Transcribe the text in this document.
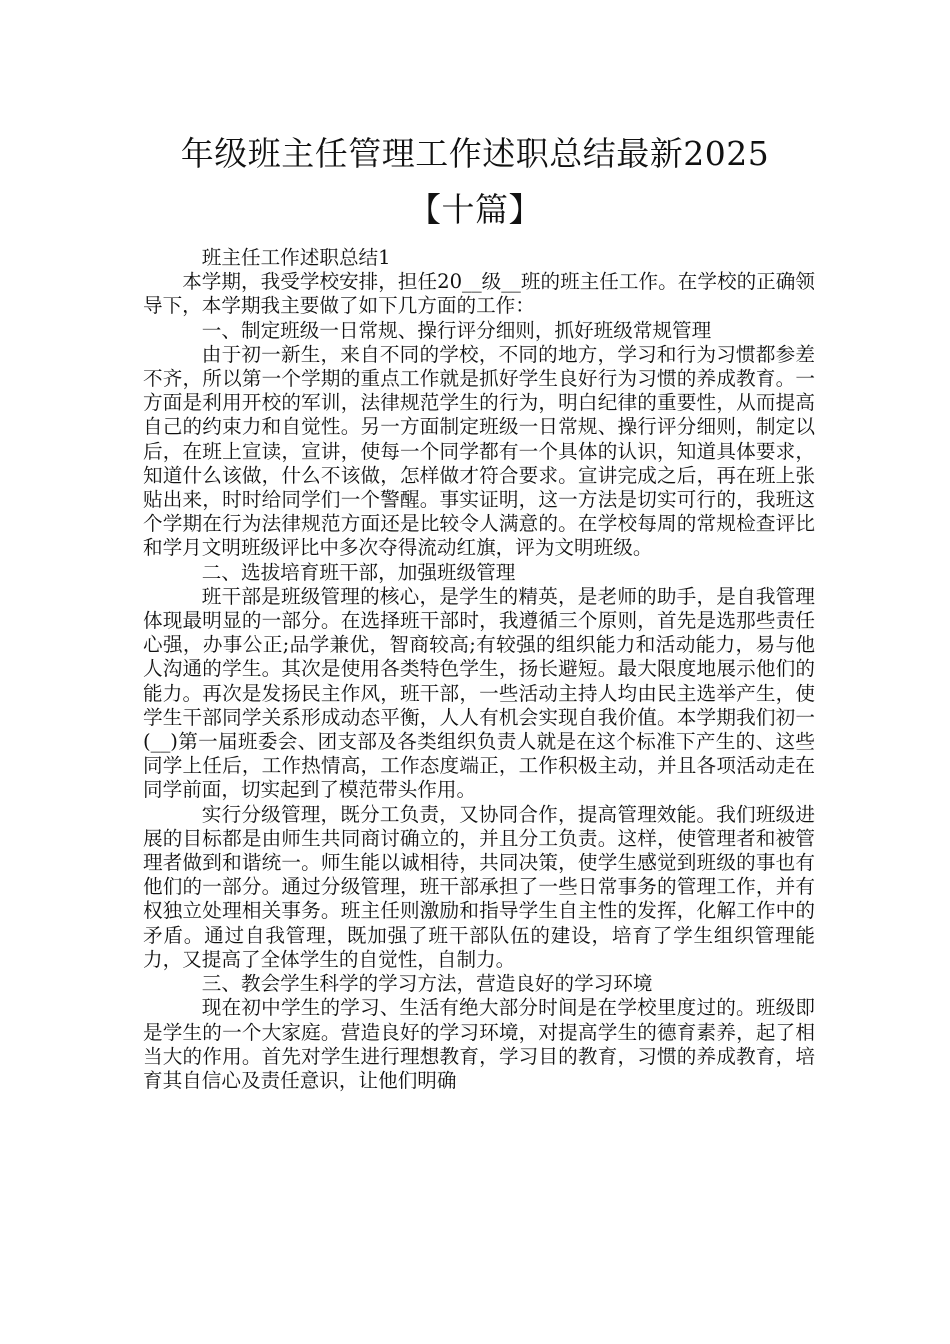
年级班主任管理工作述职总结最新2025
【十篇】

班主任工作述职总结1

本学期，我受学校安排，担任20__级__班的班主任工作。在学校的正确领导下，本学期我主要做了如下几方面的工作：

一、制定班级一日常规、操行评分细则，抓好班级常规管理

由于初一新生，来自不同的学校，不同的地方，学习和行为习惯都参差不齐，所以第一个学期的重点工作就是抓好学生良好行为习惯的养成教育。一方面是利用开校的军训，法律规范学生的行为，明白纪律的重要性，从而提高自己的约束力和自觉性。另一方面制定班级一日常规、操行评分细则，制定以后，在班上宣读，宣讲，使每一个同学都有一个具体的认识，知道具体要求，知道什么该做，什么不该做，怎样做才符合要求。宣讲完成之后，再在班上张贴出来，时时给同学们一个警醒。事实证明，这一方法是切实可行的，我班这个学期在行为法律规范方面还是比较令人满意的。在学校每周的常规检查评比和学月文明班级评比中多次夺得流动红旗，评为文明班级。

二、选拔培育班干部，加强班级管理

班干部是班级管理的核心，是学生的精英，是老师的助手，是自我管理体现最明显的一部分。在选择班干部时，我遵循三个原则，首先是选那些责任心强，办事公正;品学兼优，智商较高;有较强的组织能力和活动能力，易与他人沟通的学生。其次是使用各类特色学生，扬长避短。最大限度地展示他们的能力。再次是发扬民主作风，班干部，一些活动主持人均由民主选举产生，使学生干部同学关系形成动态平衡，人人有机会实现自我价值。本学期我们初一(__)第一届班委会、团支部及各类组织负责人就是在这个标准下产生的、这些同学上任后，工作热情高，工作态度端正，工作积极主动，并且各项活动走在同学前面，切实起到了模范带头作用。

实行分级管理，既分工负责，又协同合作，提高管理效能。我们班级进展的目标都是由师生共同商讨确立的，并且分工负责。这样，使管理者和被管理者做到和谐统一。师生能以诚相待，共同决策，使学生感觉到班级的事也有他们的一部分。通过分级管理，班干部承担了一些日常事务的管理工作，并有权独立处理相关事务。班主任则激励和指导学生自主性的发挥，化解工作中的矛盾。通过自我管理，既加强了班干部队伍的建设，培育了学生组织管理能力，又提高了全体学生的自觉性，自制力。

三、教会学生科学的学习方法，营造良好的学习环境

现在初中学生的学习、生活有绝大部分时间是在学校里度过的。班级即是学生的一个大家庭。营造良好的学习环境，对提高学生的德育素养，起了相当大的作用。首先对学生进行理想教育，学习目的教育，习惯的养成教育，培育其自信心及责任意识，让他们明确
